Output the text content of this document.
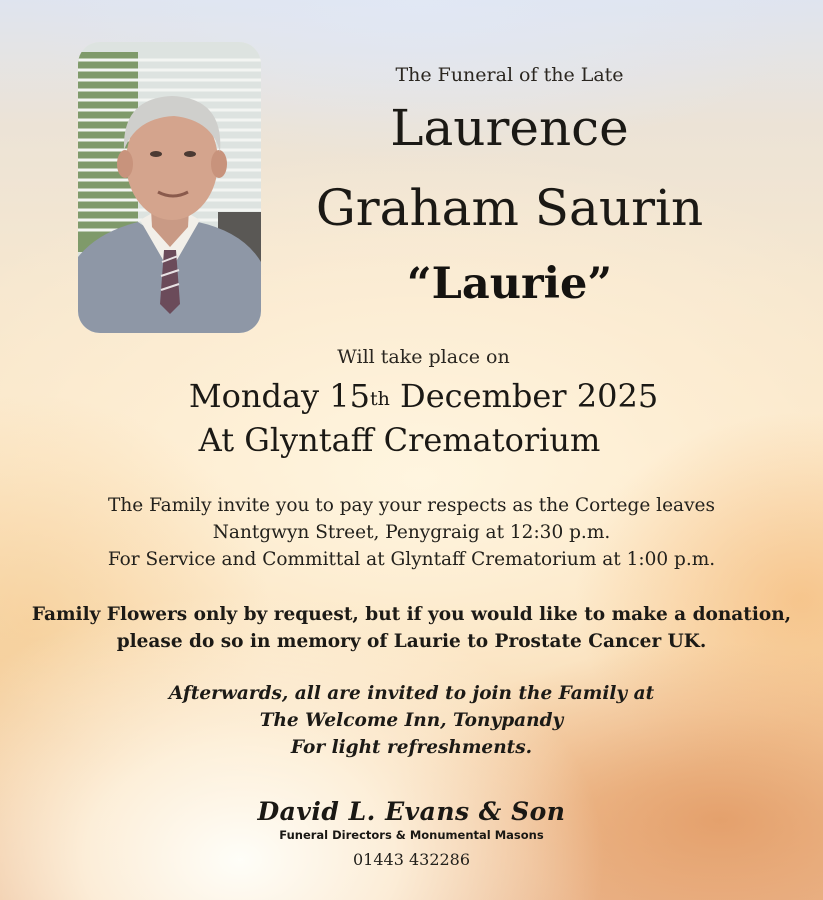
The Funeral of the Late

Laurence

Graham Saurin

“Laurie”

Will take place on

Monday 15th December 2025

At Glyntaff Crematorium

The Family invite you to pay your respects as the Cortege leaves
Nantgwyn Street, Penygraig at 12:30 p.m.
For Service and Committal at Glyntaff Crematorium at 1:00 p.m.
Family Flowers only by request, but if you would like to make a donation,
please do so in memory of Laurie to Prostate Cancer UK.
Afterwards, all are invited to join the Family at
The Welcome Inn, Tonypandy
For light refreshments.
David L. Evans & Son
Funeral Directors & Monumental Masons

01443 432286
